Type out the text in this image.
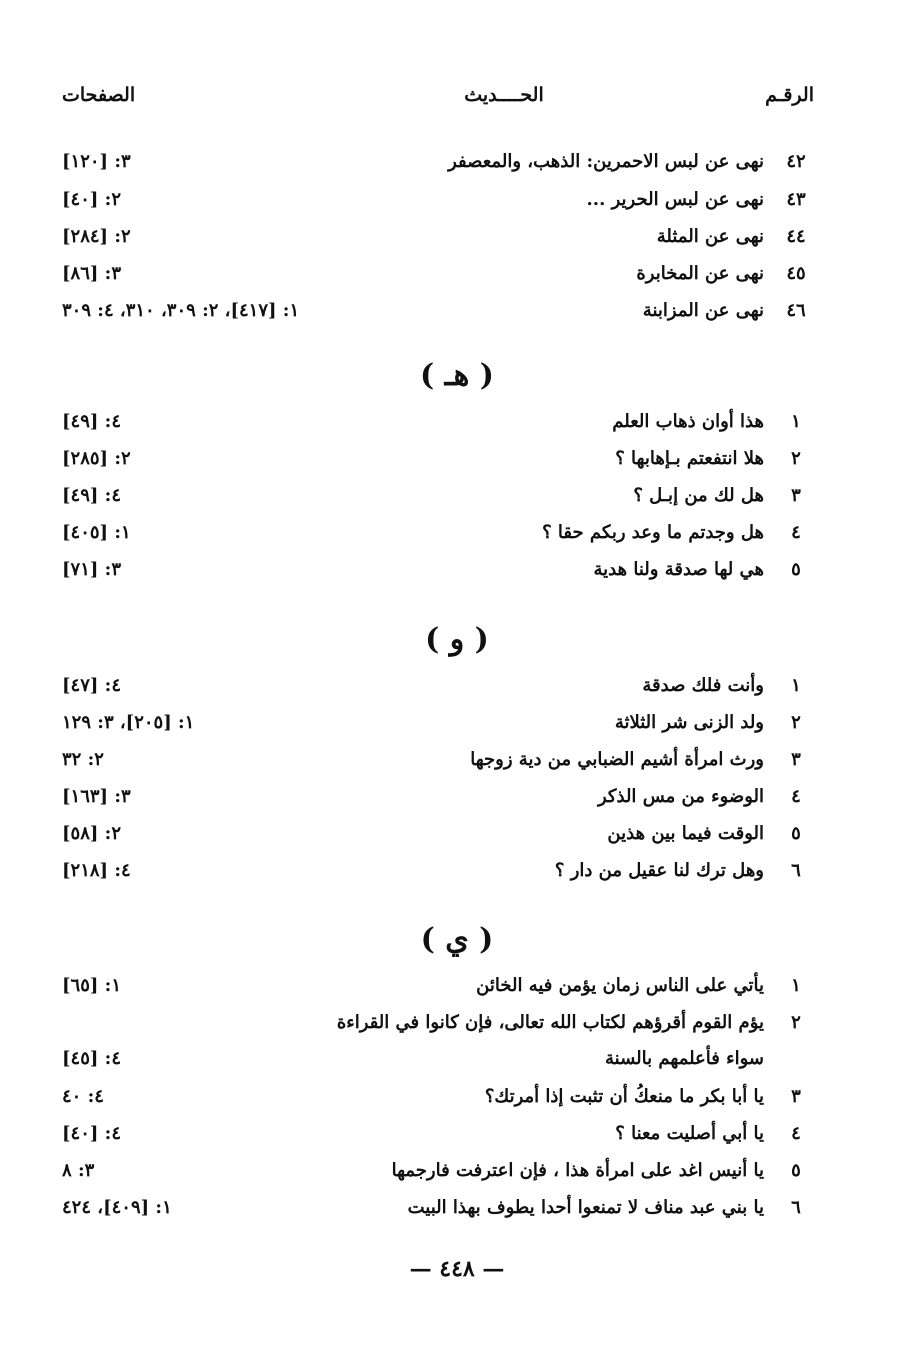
الرقـم
الحــــديث
الصفحات
٤٢
نهى عن لبس الاحمرين: الذهب، والمعصفر
٣: [١٢٠]
٤٣
نهى عن لبس الحرير ...
٢: [٤٠]
٤٤
نهى عن المثلة
٢: [٢٨٤]
٤٥
نهى عن المخابرة
٣: [٨٦]
٤٦
نهى عن المزابنة
١: [٤١٧]، ٢: ٣٠٩، ٣١٠، ٤: ٣٠٩
( هـ )
١
هذا أوان ذهاب العلم
٤: [٤٩]
٢
هلا انتفعتم بـإهابها ؟
٢: [٢٨٥]
٣
هل لك من إبـل ؟
٤: [٤٩]
٤
هل وجدتم ما وعد ربكم حقا ؟
١: [٤٠٥]
٥
هي لها صدقة ولنا هدية
٣: [٧١]
( و )
١
وأنت فلك صدقة
٤: [٤٧]
٢
ولد الزنى شر الثلاثة
١: [٢٠٥]، ٣: ١٢٩
٣
ورث امرأة أشيم الضبابي من دية زوجها
٢: ٣٢
٤
الوضوء من مس الذكر
٣: [١٦٣]
٥
الوقت فيما بين هذين
٢: [٥٨]
٦
وهل ترك لنا عقيل من دار ؟
٤: [٢١٨]
( ي )
١
يأتي على الناس زمان يؤمن فيه الخائن
١: [٦٥]
٢
يؤم القوم أقرؤهم لكتاب الله تعالى، فإن كانوا في القراءة سواء فأعلمهم بالسنة
٤: [٤٥]
٣
يا أبا بكر ما منعكُ أن تثبت إذا أمرتك؟
٤: ٤٠
٤
يا أبي أصليت معنا ؟
٤: [٤٠]
٥
يا أنيس اغد على امرأة هذا ، فإن اعترفت فارجمها
٣: ٨
٦
يا بني عبد مناف لا تمنعوا أحدا يطوف بهذا البيت
١: [٤٠٩]، ٤٢٤
— ٤٤٨ —
